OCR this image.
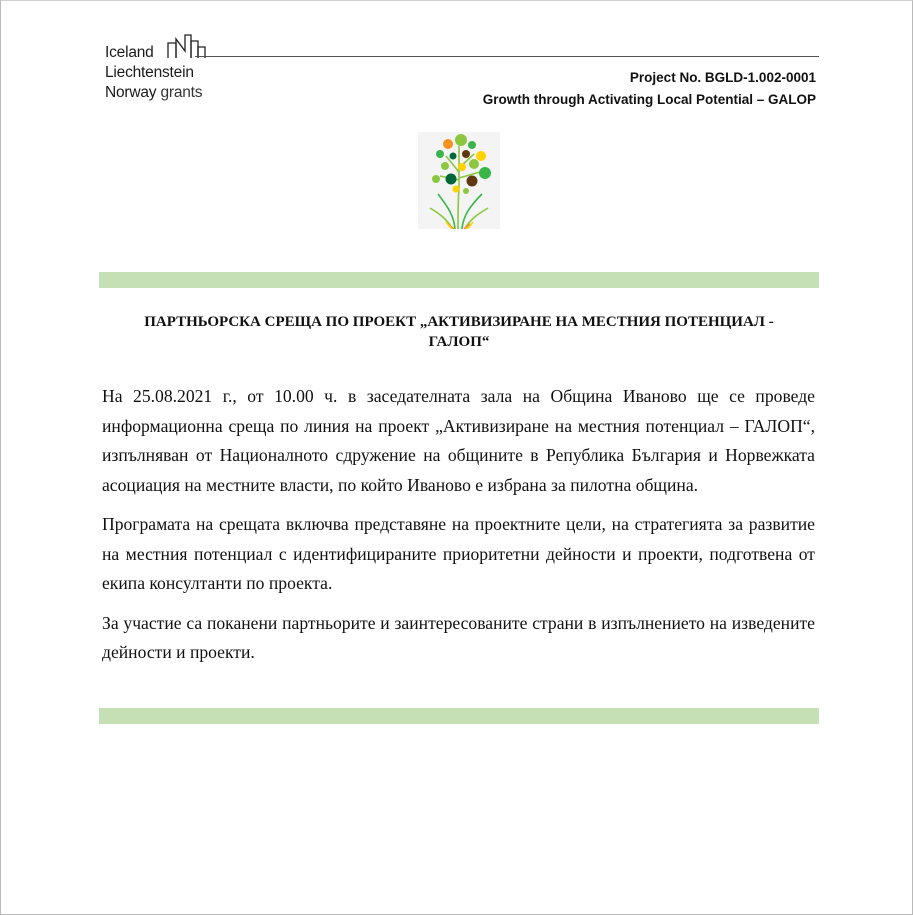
Iceland
Liechtenstein
Norway grants
Project No. BGLD-1.002-0001
Growth through Activating Local Potential – GALOP
ПАРТНЬОРСКА СРЕЩА ПО ПРОЕКТ „АКТИВИЗИРАНЕ НА МЕСТНИЯ ПОТЕНЦИАЛ -
ГАЛОП“

На 25.08.2021 г., от 10.00 ч. в заседателната зала на Община Иваново ще се проведе информационна среща по линия на проект „Активизиране на местния потенциал – ГАЛОП“, изпълняван от Националното сдружение на общините в Република България и Норвежката асоциация на местните власти, по който Иваново е избрана за пилотна община.

Програмата на срещата включва представяне на проектните цели, на стратегията за развитие на местния потенциал с идентифицираните приоритетни дейности и проекти, подготвена от екипа консултанти по проекта.

За участие са поканени партньорите и заинтересованите страни в изпълнението на изведените дейности и проекти.
